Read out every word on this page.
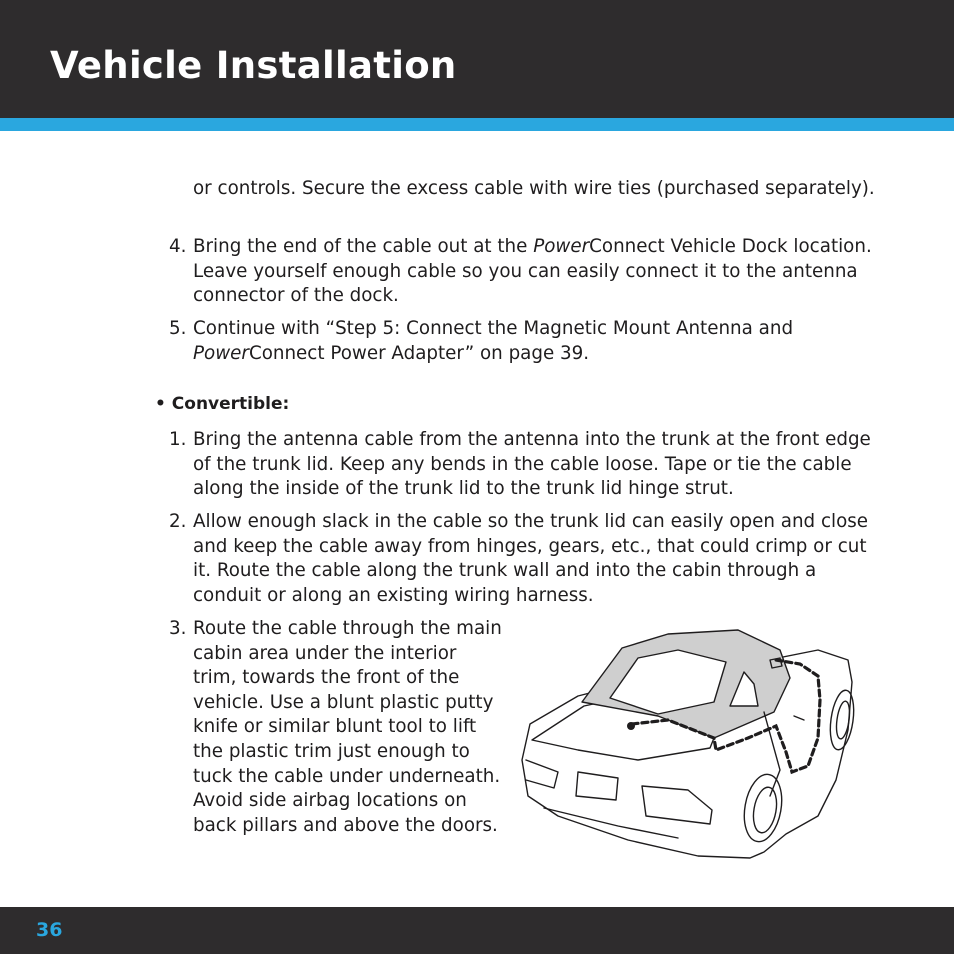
Vehicle Installation

or controls. Secure the excess cable with wire ties (purchased separately).

4. Bring the end of the cable out at the PowerConnect Vehicle Dock location. Leave yourself enough cable so you can easily connect it to the antenna connector of the dock.

5. Continue with “Step 5: Connect the Magnetic Mount Antenna and PowerConnect Power Adapter” on page 39.

• Convertible:

1. Bring the antenna cable from the antenna into the trunk at the front edge of the trunk lid. Keep any bends in the cable loose. Tape or tie the cable along the inside of the trunk lid to the trunk lid hinge strut.

2. Allow enough slack in the cable so the trunk lid can easily open and close and keep the cable away from hinges, gears, etc., that could crimp or cut it. Route the cable along the trunk wall and into the cabin through a conduit or along an existing wiring harness.

3. Route the cable through the main cabin area under the interior trim, towards the front of the vehicle. Use a blunt plastic putty knife or similar blunt tool to lift the plastic trim just enough to tuck the cable under underneath. Avoid side airbag locations on back pillars and above the doors.

36
